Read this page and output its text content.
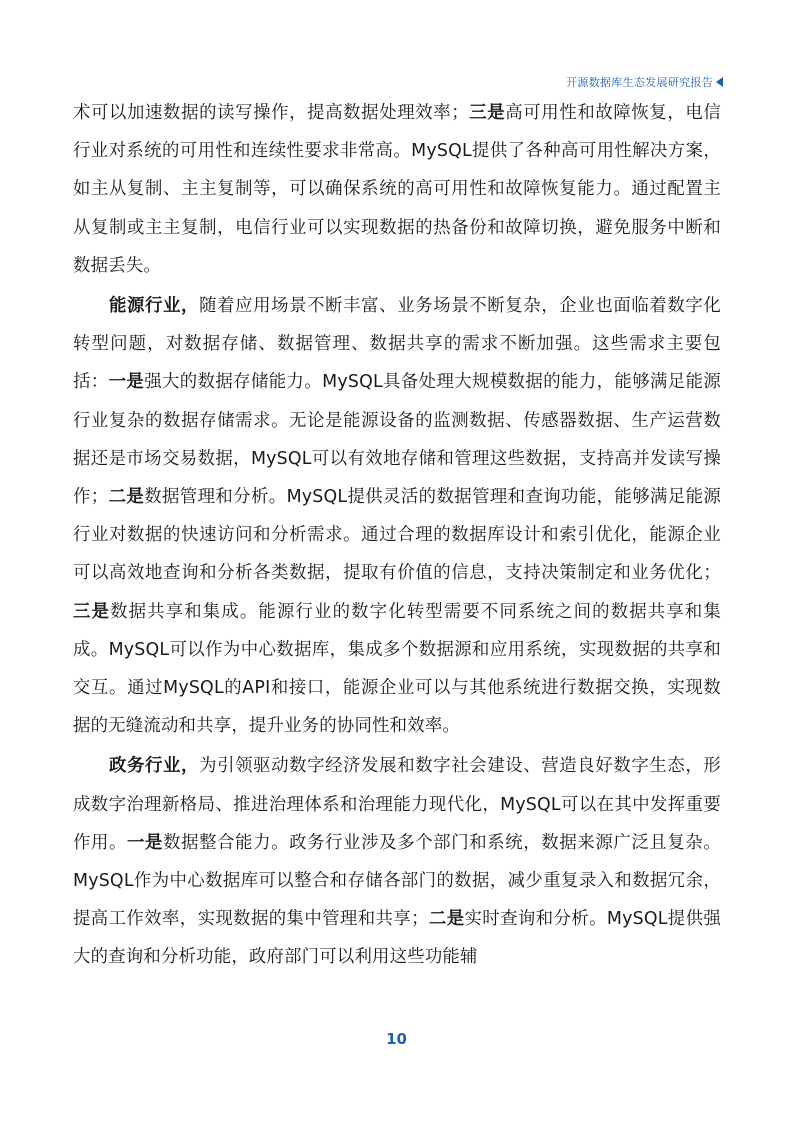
开源数据库生态发展研究报告

术可以加速数据的读写操作，提高数据处理效率；三是高可用性和故障恢复，电信行业对系统的可用性和连续性要求非常高。MySQL提供了各种高可用性解决方案，如主从复制、主主复制等，可以确保系统的高可用性和故障恢复能力。通过配置主从复制或主主复制，电信行业可以实现数据的热备份和故障切换，避免服务中断和数据丢失。

能源行业，随着应用场景不断丰富、业务场景不断复杂，企业也面临着数字化转型问题，对数据存储、数据管理、数据共享的需求不断加强。这些需求主要包括：一是强大的数据存储能力。MySQL具备处理大规模数据的能力，能够满足能源行业复杂的数据存储需求。无论是能源设备的监测数据、传感器数据、生产运营数据还是市场交易数据，MySQL可以有效地存储和管理这些数据，支持高并发读写操作；二是数据管理和分析。MySQL提供灵活的数据管理和查询功能，能够满足能源行业对数据的快速访问和分析需求。通过合理的数据库设计和索引优化，能源企业可以高效地查询和分析各类数据，提取有价值的信息，支持决策制定和业务优化；三是数据共享和集成。能源行业的数字化转型需要不同系统之间的数据共享和集成。MySQL可以作为中心数据库，集成多个数据源和应用系统，实现数据的共享和交互。通过MySQL的API和接口，能源企业可以与其他系统进行数据交换，实现数据的无缝流动和共享，提升业务的协同性和效率。

政务行业，为引领驱动数字经济发展和数字社会建设、营造良好数字生态，形成数字治理新格局、推进治理体系和治理能力现代化，MySQL可以在其中发挥重要作用。一是数据整合能力。政务行业涉及多个部门和系统，数据来源广泛且复杂。MySQL作为中心数据库可以整合和存储各部门的数据，减少重复录入和数据冗余，提高工作效率，实现数据的集中管理和共享；二是实时查询和分析。MySQL提供强大的查询和分析功能，政府部门可以利用这些功能辅

10
